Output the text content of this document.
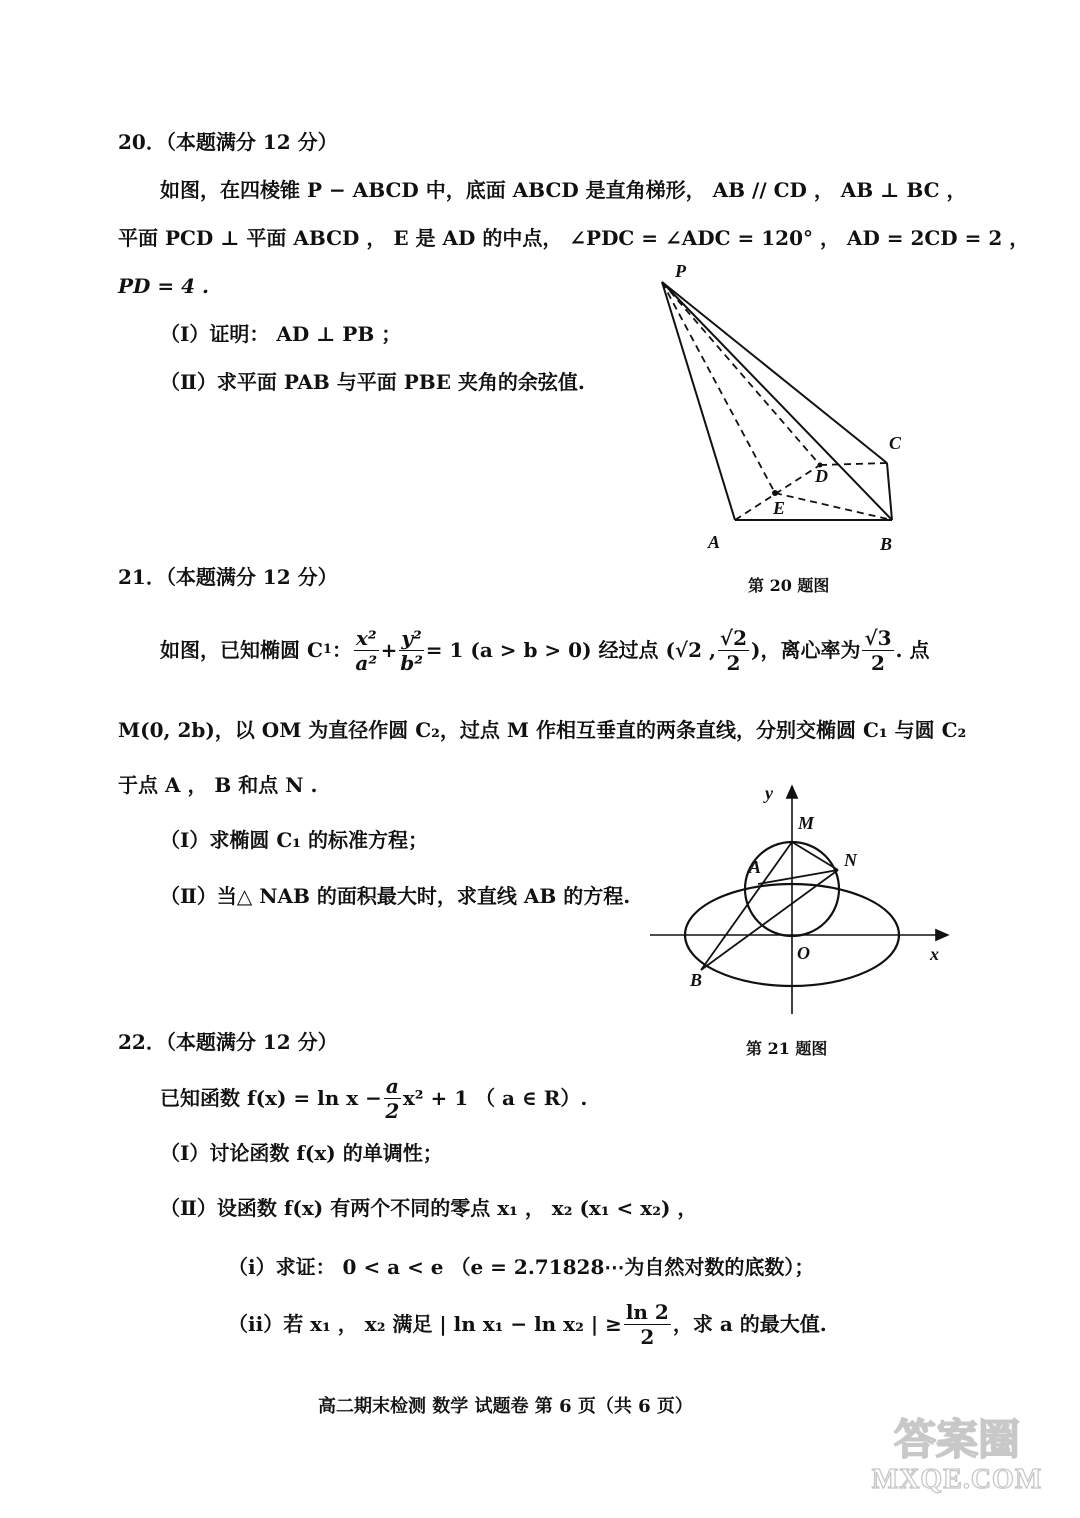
20．（本题满分 12 分）
如图，在四棱锥 P − ABCD 中，底面 ABCD 是直角梯形， AB // CD ， AB ⊥ BC ，
平面 PCD ⊥ 平面 ABCD ， E 是 AD 的中点， ∠PDC = ∠ADC = 120° ， AD = 2CD = 2 ，
PD = 4 .
（Ⅰ）证明： AD ⊥ PB ；
（Ⅱ）求平面 PAB 与平面 PBE 夹角的余弦值.
P
C
D
E
A	B
第 20 题图
21．（本题满分 12 分）
如图，已知椭圆 C 1 ： $\frac{\text{x²}}{\text{a²}} + \frac{\text{y²}}{\text{b²}} = 1$ (a > b > 0) 经过点 (√2 , $\frac{√2}{2}$ )，离心率为 $\frac{√3}{2}$ . 点
M(0, 2b)，以 OM 为直径作圆 C₂，过点 M 作相互垂直的两条直线，分别交椭圆 C₁ 与圆 C₂
于点 A ， B 和点 N .
（Ⅰ）求椭圆 C₁ 的标准方程；
（Ⅱ）当△ NAB 的面积最大时，求直线 AB 的方程.
y
M
A	N
O	x
B
第 21 题图
22．（本题满分 12 分）
已知函数 $f(x) = \ln x - \frac{a}{2} x^2 + 1$ （ a ∈ R）.
（Ⅰ）讨论函数 f(x) 的单调性；
（Ⅱ）设函数 f(x) 有两个不同的零点 x₁ ， x₂ (x₁ < x₂) ，
（i）求证： 0 < a < e （e = 2.71828⋯为自然对数的底数）；
（ii）若 x₁ ， x₂ 满足 | ln x₁ − ln x₂ | ≥ $\frac{\ln 2}{2}$ ，求 a 的最大值.
高二期末检测 数学 试题卷 第 6 页（共 6 页）
答案圈
MXQE.COM
